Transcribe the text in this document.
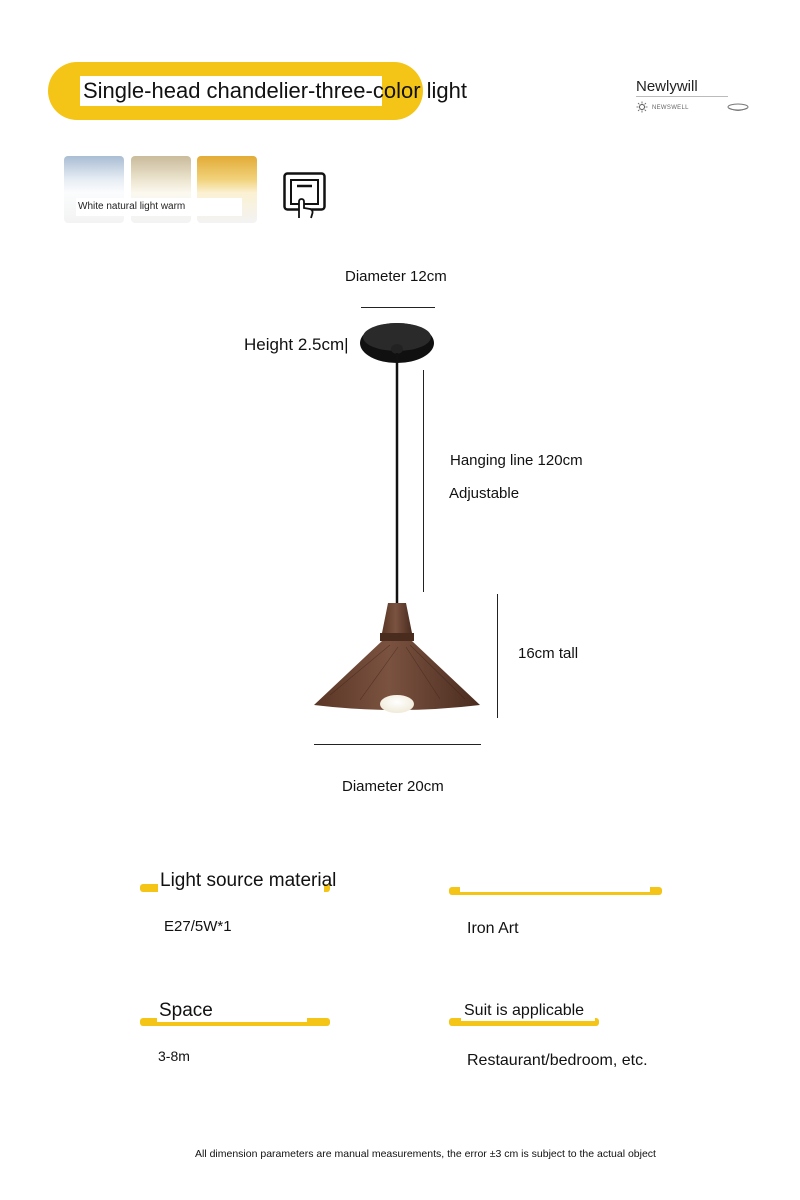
Single-head chandelier-three-color light	Newlywill
NEWSWELL
White natural light warm
Diameter 12cm
Height 2.5cm|
Hanging line 120cm
Adjustable
16cm tall
Diameter 20cm
Light source material
E27/5W*1	Iron Art
Space
3-8m
Suit is applicable
Restaurant/bedroom, etc.
All dimension parameters are manual measurements, the error ±3 cm is subject to the actual object
